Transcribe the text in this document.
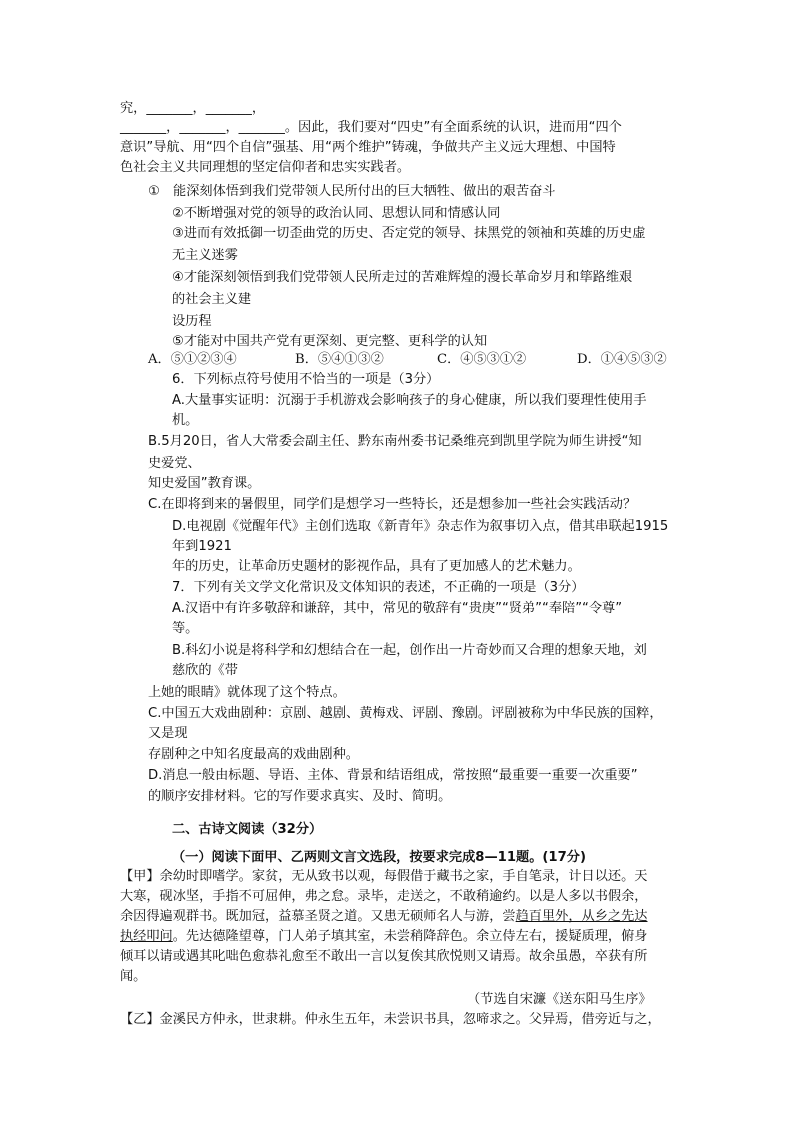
究，_______，_______，
_______，_______，_______。因此，我们要对“四史”有全面系统的认识，进而用“四个
意识”导航、用“四个自信”强基、用“两个维护”铸魂，争做共产主义远大理想、中国特
色社会主义共同理想的坚定信仰者和忠实实践者。
①　能深刻体悟到我们党带领人民所付出的巨大牺牲、做出的艰苦奋斗
②不断增强对党的领导的政治认同、思想认同和情感认同
③进而有效抵御一切歪曲党的历史、否定党的领导、抹黑党的领袖和英雄的历史虚
无主义迷雾
④才能深刻领悟到我们党带领人民所走过的苦难辉煌的漫长革命岁月和筚路维艰
的社会主义建
设历程
⑤才能对中国共产党有更深刻、更完整、更科学的认知
A．⑤①②③④	B．⑤④①③②	C．④⑤③①②	D．①④⑤③②
6．下列标点符号使用不恰当的一项是（3分）
A.大量事实证明：沉溺于手机游戏会影响孩子的身心健康，所以我们要理性使用手
机。
B.5月20日，省人大常委会副主任、黔东南州委书记桑维亮到凯里学院为师生讲授“知
史爱党、
知史爱国”教育课。
C.在即将到来的暑假里，同学们是想学习一些特长，还是想参加一些社会实践活动？
D.电视剧《觉醒年代》主创们选取《新青年》杂志作为叙事切入点，借其串联起1915
年到1921
年的历史，让革命历史题材的影视作品，具有了更加感人的艺术魅力。
7．下列有关文学文化常识及文体知识的表述，不正确的一项是（3分）
A.汉语中有许多敬辞和谦辞，其中，常见的敬辞有“贵庚”“贤弟”“奉陪”“令尊”
等。
B.科幻小说是将科学和幻想结合在一起，创作出一片奇妙而又合理的想象天地，刘
慈欣的《带
上她的眼睛》就体现了这个特点。
C.中国五大戏曲剧种：京剧、越剧、黄梅戏、评剧、豫剧。评剧被称为中华民族的国粹，
又是现
存剧种之中知名度最高的戏曲剧种。
D.消息一般由标题、导语、主体、背景和结语组成，常按照“最重要一重要一次重要”
的顺序安排材料。它的写作要求真实、及时、简明。
二、古诗文阅读（32分）
（一）阅读下面甲、乙两则文言文选段，按要求完成8—11题。(17分)
【甲】余幼时即嗜学。家贫，无从致书以观，每假借于藏书之家，手自笔录，计日以还。天
大寒，砚冰坚，手指不可屈伸，弗之怠。录毕，走送之，不敢稍逾约。以是人多以书假余，
余因得遍观群书。既加冠，益慕圣贤之道。又患无硕师名人与游，尝趋百里外，从乡之先达
执经叩问。先达德隆望尊，门人弟子填其室，未尝稍降辞色。余立侍左右，援疑质理，俯身
倾耳以请或遇其叱咄色愈恭礼愈至不敢出一言以复俟其欣悦则又请焉。故余虽愚，卒获有所
闻。
（节选自宋濂《送东阳马生序》
【乙】金溪民方仲永，世隶耕。仲永生五年，未尝识书具，忽啼求之。父异焉，借旁近与之，
